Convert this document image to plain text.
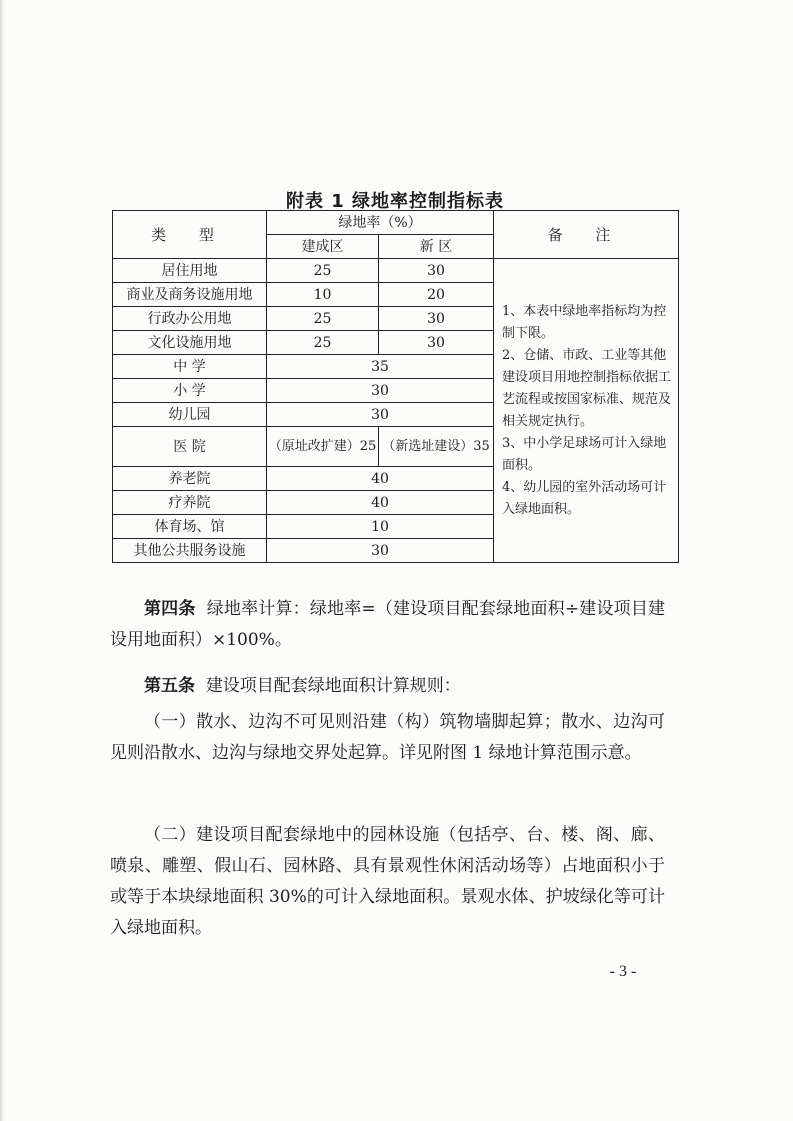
附表 1 绿地率控制指标表
类 型	绿地率（%）		备 注
	建成区	新 区	
居住用地	25	30	1、本表中绿地率指标均为控制下限。
2、仓储、市政、工业等其他建设项目用地控制指标依据工艺流程或按国家标准、规范及相关规定执行。
3、中小学足球场可计入绿地面积。
4、幼儿园的室外活动场可计入绿地面积。

商业及商务设施用地	10	20	
行政办公用地	25	30	
文化设施用地	25	30	
中 学	35		
小 学	30		
幼儿园	30		
医 院	（原址改扩建）25	（新选址建设）35	
养老院	40		
疗养院	40		
体育场、馆	10		
其他公共服务设施	30		
第四条 绿地率计算：绿地率=（建设项目配套绿地面积÷建设项目建设用地面积）×100%。
第五条 建设项目配套绿地面积计算规则：
（一）散水、边沟不可见则沿建（构）筑物墙脚起算；散水、边沟可见则沿散水、边沟与绿地交界处起算。详见附图 1 绿地计算范围示意。
（二）建设项目配套绿地中的园林设施（包括亭、台、楼、阁、廊、喷泉、雕塑、假山石、园林路、具有景观性休闲活动场等）占地面积小于或等于本块绿地面积 30%的可计入绿地面积。景观水体、护坡绿化等可计入绿地面积。
- 3 -
